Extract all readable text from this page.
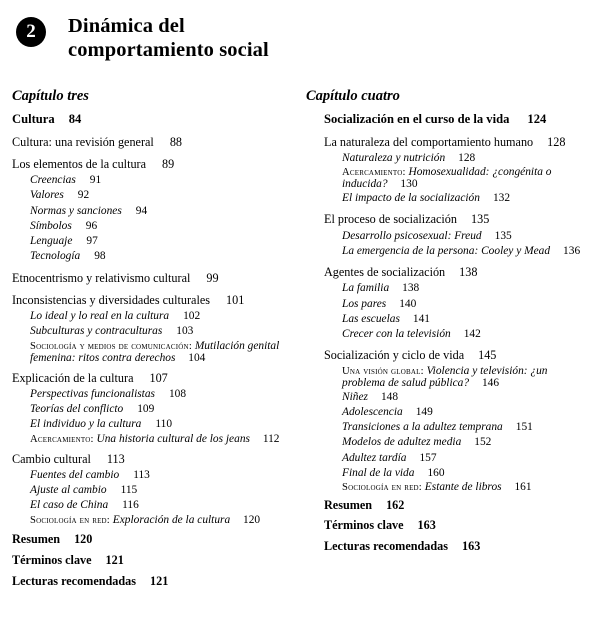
2	Dinámica del
comportamiento social
Capítulo tres
Cultura 84
Cultura: una revisión general 88
Los elementos de la cultura 89
Creencias 91
Valores 92
Normas y sanciones 94
Símbolos 96
Lenguaje 97
Tecnología 98
Etnocentrismo y relativismo cultural 99
Inconsistencias y diversidades culturales 101
Lo ideal y lo real en la cultura 102
Subculturas y contraculturas 103
Sociología y medios de comunicación: Mutilación genital femenina: ritos contra derechos 104
Explicación de la cultura 107
Perspectivas funcionalistas 108
Teorías del conflicto 109
El individuo y la cultura 110
Acercamiento: Una historia cultural de los jeans 112
Cambio cultural 113
Fuentes del cambio 113
Ajuste al cambio 115
El caso de China 116
Sociología en red: Exploración de la cultura 120
Resumen 120
Términos clave 121
Lecturas recomendadas 121
Capítulo cuatro
Socialización en el curso de la vida 124
La naturaleza del comportamiento humano 128
Naturaleza y nutrición 128
Acercamiento: Homosexualidad: ¿congénita o inducida? 130
El impacto de la socialización 132
El proceso de socialización 135
Desarrollo psicosexual: Freud 135
La emergencia de la persona: Cooley y Mead 136
Agentes de socialización 138
La familia 138
Los pares 140
Las escuelas 141
Crecer con la televisión 142
Socialización y ciclo de vida 145
Una visión global: Violencia y televisión: ¿un problema de salud pública? 146
Niñez 148
Adolescencia 149
Transiciones a la adultez temprana 151
Modelos de adultez media 152
Adultez tardía 157
Final de la vida 160
Sociología en red: Estante de libros 161
Resumen 162
Términos clave 163
Lecturas recomendadas 163
